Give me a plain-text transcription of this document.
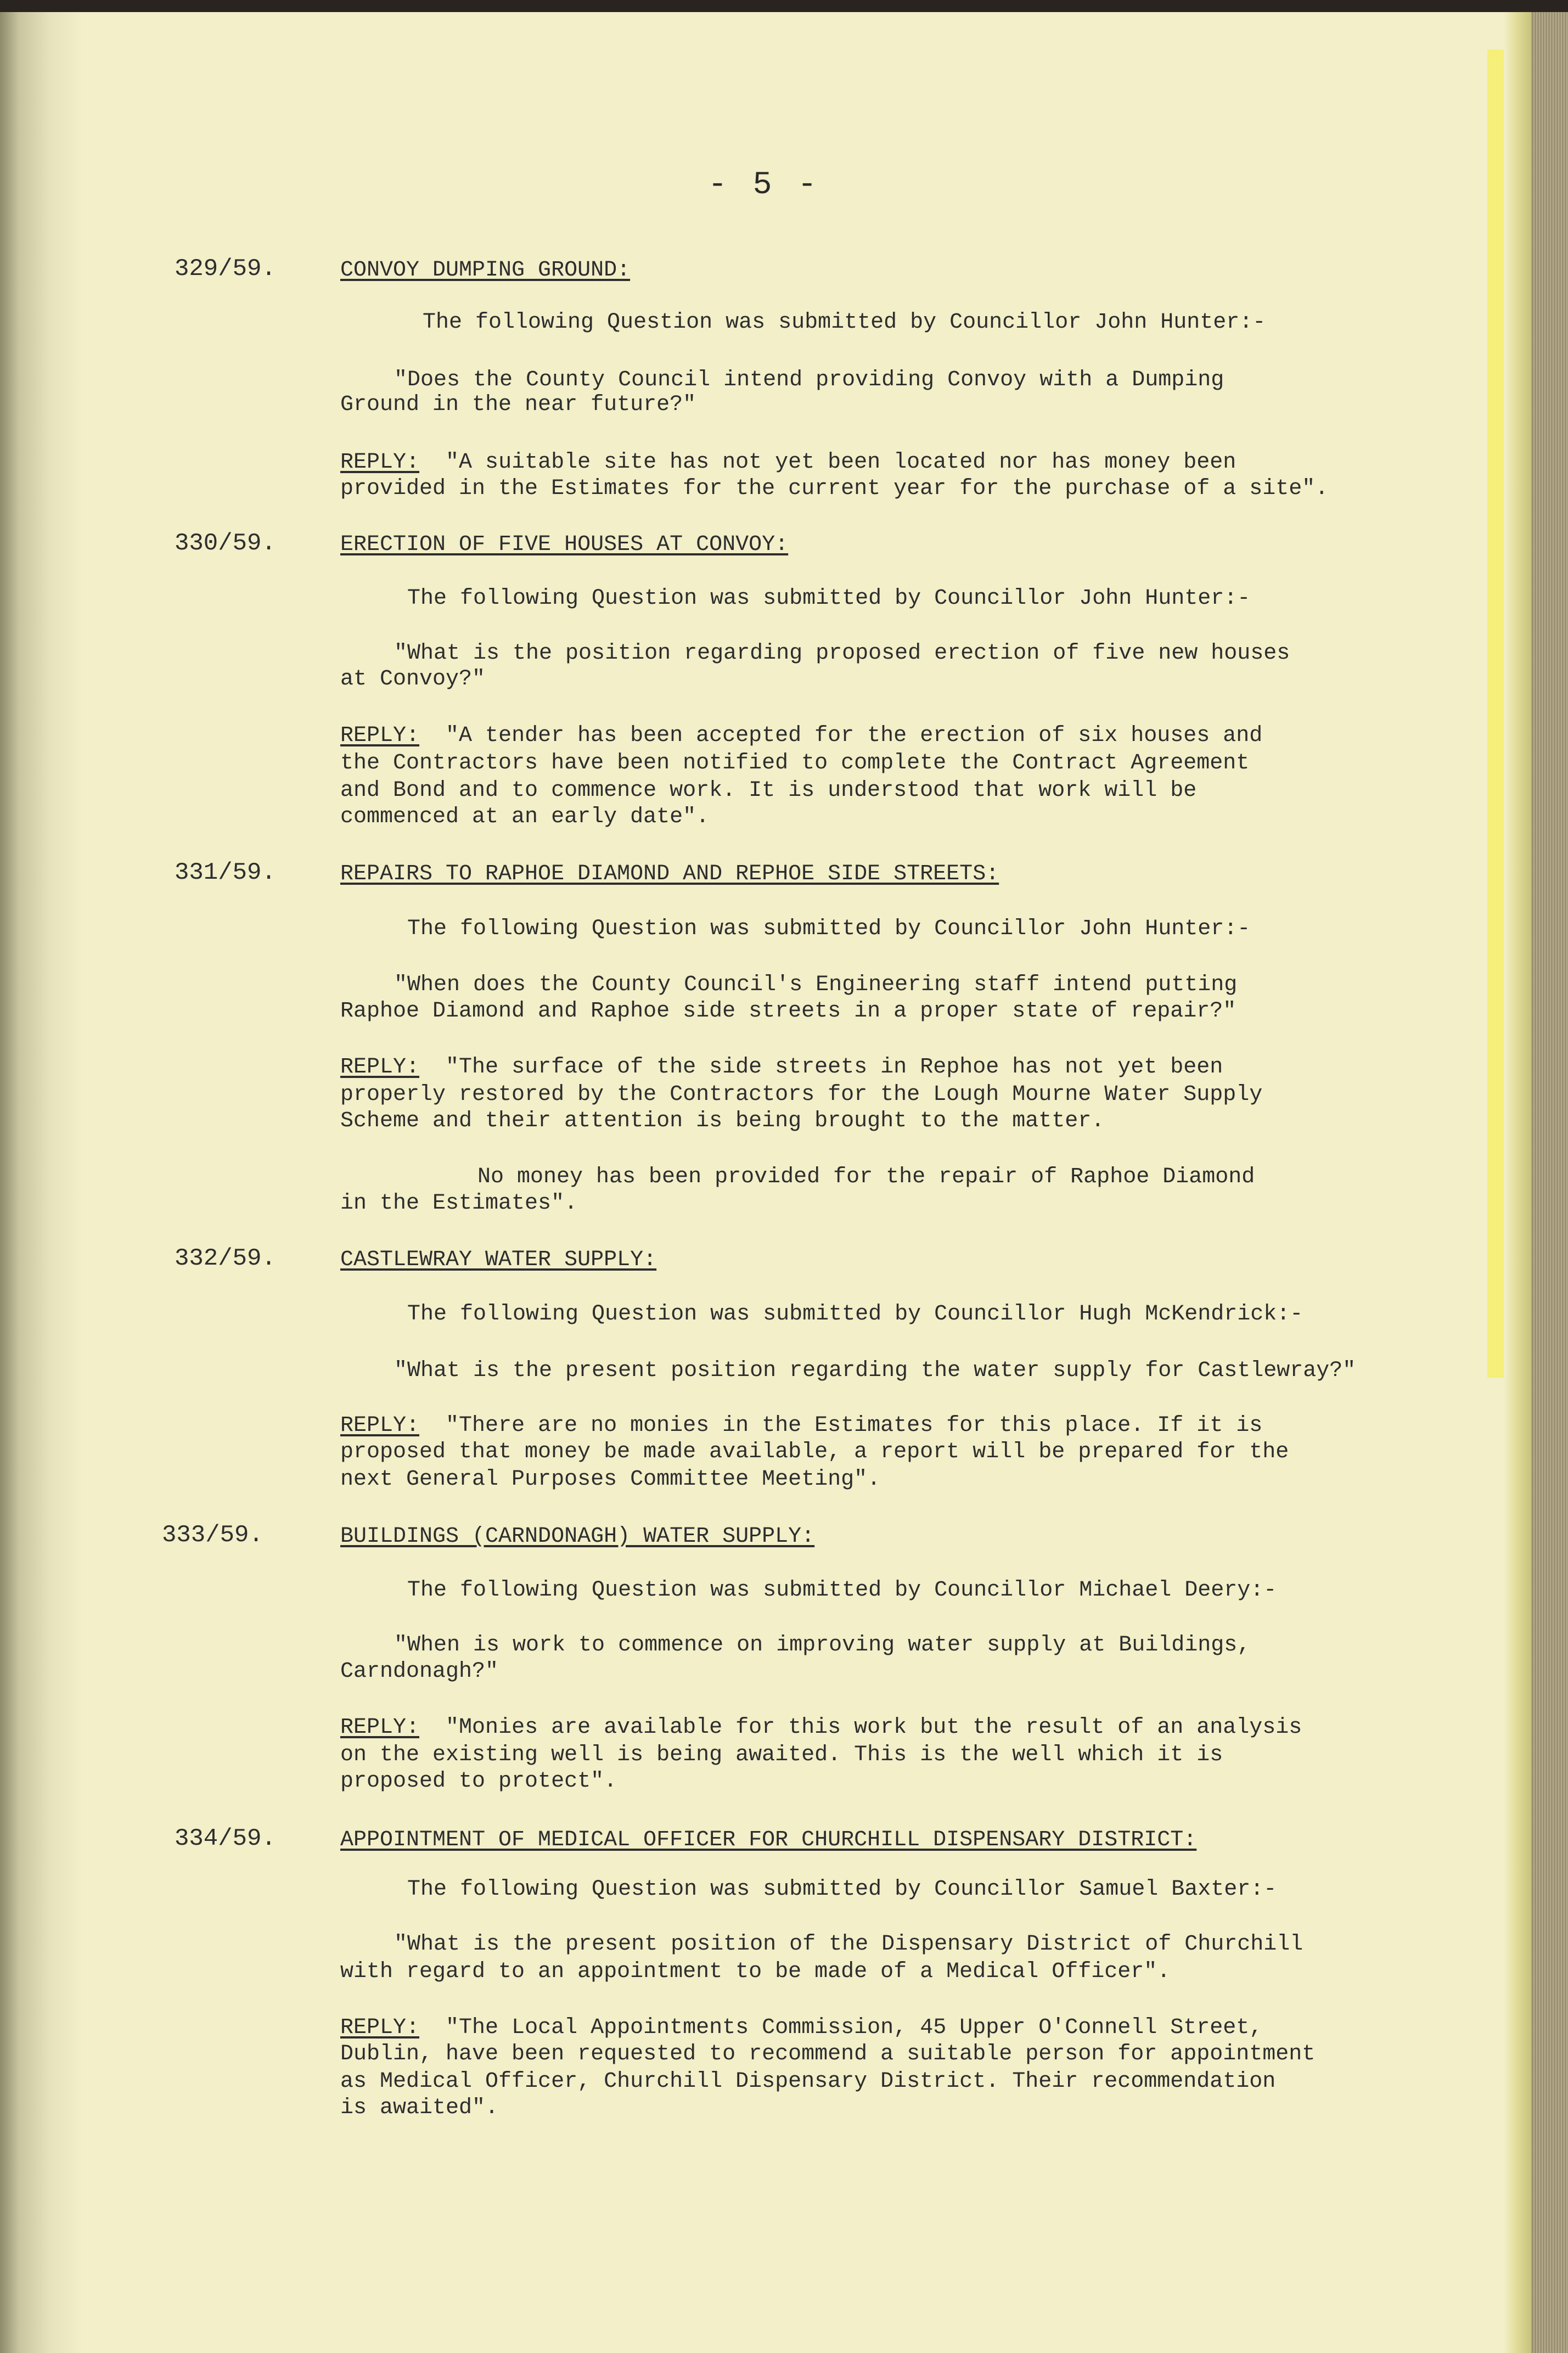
- 5 -
329/59.	CONVOY DUMPING GROUND:
The following Question was submitted by Councillor John Hunter:-
"Does the County Council intend providing Convoy with a Dumping
Ground in the near future?"
REPLY: "A suitable site has not yet been located nor has money been
provided in the Estimates for the current year for the purchase of a site".
330/59.	ERECTION OF FIVE HOUSES AT CONVOY:
The following Question was submitted by Councillor John Hunter:-
"What is the position regarding proposed erection of five new houses
at Convoy?"
REPLY: "A tender has been accepted for the erection of six houses and
the Contractors have been notified to complete the Contract Agreement
and Bond and to commence work. It is understood that work will be
commenced at an early date".
331/59.	REPAIRS TO RAPHOE DIAMOND AND REPHOE SIDE STREETS:
The following Question was submitted by Councillor John Hunter:-
"When does the County Council's Engineering staff intend putting
Raphoe Diamond and Raphoe side streets in a proper state of repair?"
REPLY: "The surface of the side streets in Rephoe has not yet been
properly restored by the Contractors for the Lough Mourne Water Supply
Scheme and their attention is being brought to the matter.
No money has been provided for the repair of Raphoe Diamond
in the Estimates".
332/59.	CASTLEWRAY WATER SUPPLY:
The following Question was submitted by Councillor Hugh McKendrick:-
"What is the present position regarding the water supply for Castlewray?"
REPLY: "There are no monies in the Estimates for this place. If it is
proposed that money be made available, a report will be prepared for the
next General Purposes Committee Meeting".
333/59.	BUILDINGS (CARNDONAGH) WATER SUPPLY:
The following Question was submitted by Councillor Michael Deery:-
"When is work to commence on improving water supply at Buildings,
Carndonagh?"
REPLY: "Monies are available for this work but the result of an analysis
on the existing well is being awaited. This is the well which it is
proposed to protect".
334/59.	APPOINTMENT OF MEDICAL OFFICER FOR CHURCHILL DISPENSARY DISTRICT:
The following Question was submitted by Councillor Samuel Baxter:-
"What is the present position of the Dispensary District of Churchill
with regard to an appointment to be made of a Medical Officer".
REPLY: "The Local Appointments Commission, 45 Upper O'Connell Street,
Dublin, have been requested to recommend a suitable person for appointment
as Medical Officer, Churchill Dispensary District. Their recommendation
is awaited".
